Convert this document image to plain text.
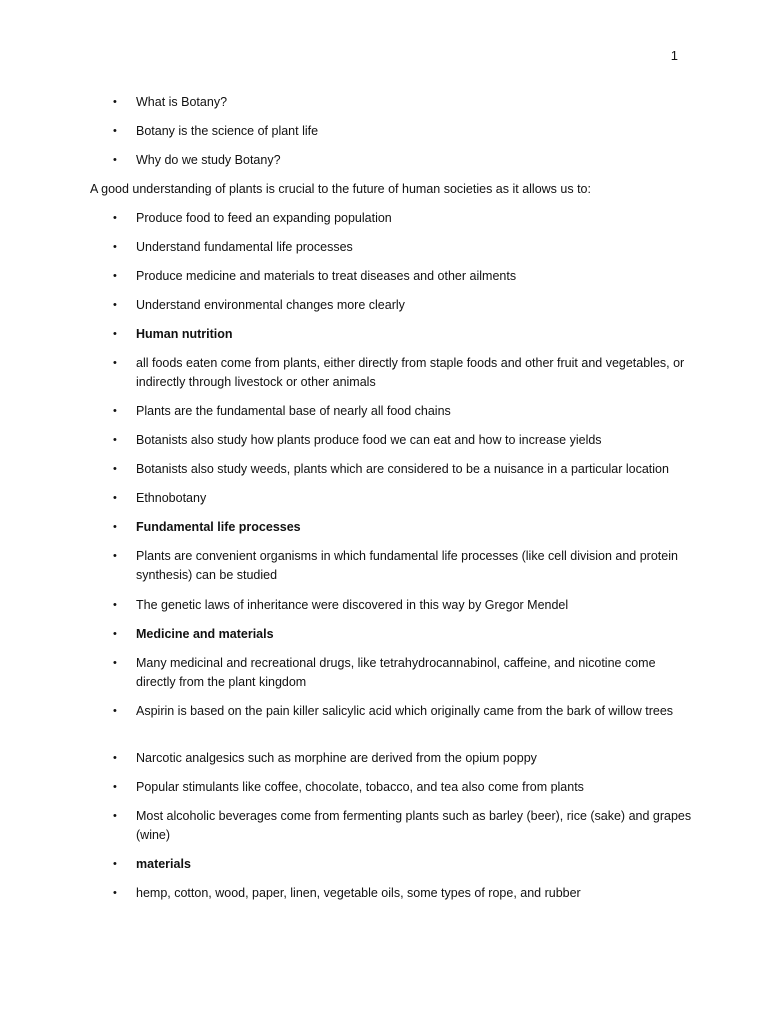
1
• What is Botany?
• Botany is the science of plant life
• Why do we study Botany?
A good understanding of plants is crucial to the future of human societies as it allows us to:
• Produce food to feed an expanding population
• Understand fundamental life processes
• Produce medicine and materials to treat diseases and other ailments
• Understand environmental changes more clearly
• Human nutrition
• all foods eaten come from plants, either directly from staple foods and other fruit and vegetables, or indirectly through livestock or other animals
• Plants are the fundamental base of nearly all food chains
• Botanists also study how plants produce food we can eat and how to increase yields
• Botanists also study weeds, plants which are considered to be a nuisance in a particular location
• Ethnobotany
• Fundamental life processes
• Plants are convenient organisms in which fundamental life processes (like cell division and protein synthesis) can be studied
• The genetic laws of inheritance were discovered in this way by Gregor Mendel
• Medicine and materials
• Many medicinal and recreational drugs, like tetrahydrocannabinol, caffeine, and nicotine come directly from the plant kingdom
• Aspirin is based on the pain killer salicylic acid which originally came from the bark of willow trees
• Narcotic analgesics such as morphine are derived from the opium poppy
• Popular stimulants like coffee, chocolate, tobacco, and tea also come from plants
• Most alcoholic beverages come from fermenting plants such as barley (beer), rice (sake) and grapes (wine)
• materials
• hemp, cotton, wood, paper, linen, vegetable oils, some types of rope, and rubber
